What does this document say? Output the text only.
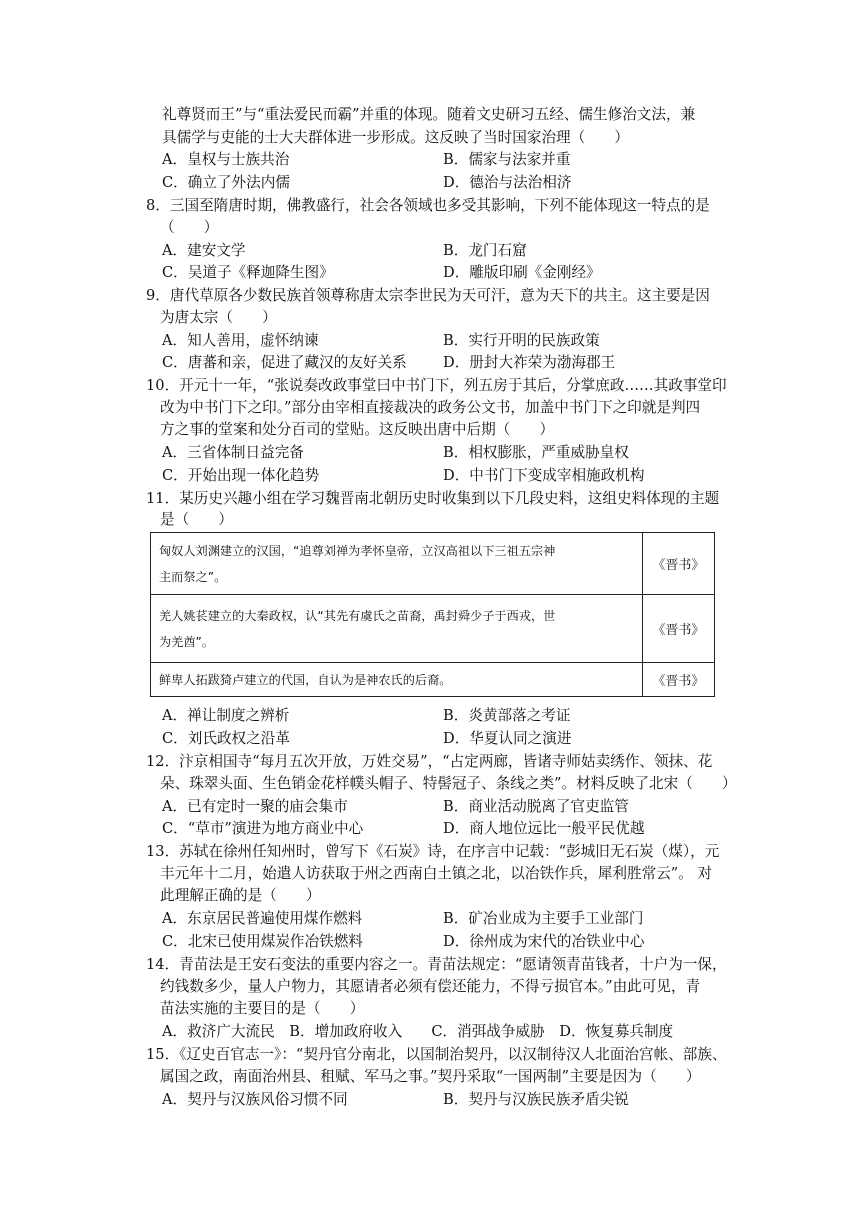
礼尊贤而王”与“重法爱民而霸”并重的体现。随着文史研习五经、儒生修治文法，兼
具儒学与吏能的士大夫群体进一步形成。这反映了当时国家治理（　　）
A．皇权与士族共治	B．儒家与法家并重
C．确立了外法内儒	D．德治与法治相济
8．三国至隋唐时期，佛教盛行，社会各领域也多受其影响，下列不能体现这一特点的是
（　　）
A．建安文学	B．龙门石窟
C．吴道子《释迦降生图》	D．雕版印刷《金刚经》
9．唐代草原各少数民族首领尊称唐太宗李世民为天可汗，意为天下的共主。这主要是因
为唐太宗（　　）
A．知人善用，虚怀纳谏	B．实行开明的民族政策
C．唐蕃和亲，促进了藏汉的友好关系 D．册封大祚荣为渤海郡王
10．开元十一年，“张说奏改政事堂曰中书门下，列五房于其后，分掌庶政……其政事堂印
改为中书门下之印。”部分由宰相直接裁决的政务公文书，加盖中书门下之印就是判四
方之事的堂案和处分百司的堂贴。这反映出唐中后期（　　）
A．三省体制日益完备	B．相权膨胀，严重威胁皇权
C．开始出现一体化趋势	D．中书门下变成宰相施政机构
11．某历史兴趣小组在学习魏晋南北朝历史时收集到以下几段史料，这组史料体现的主题
是（　　）
匈奴人刘渊建立的汉国，“追尊刘禅为孝怀皇帝，立汉高祖以下三祖五宗神
主而祭之”。	《晋书》

羌人姚苌建立的大秦政权，认“其先有虞氏之苗裔，禹封舜少子于西戎，世
为羌酋”。	《晋书》

鲜卑人拓跋猗卢建立的代国，自认为是神农氏的后裔。	《晋书》
A．禅让制度之辨析	B．炎黄部落之考证
C．刘氏政权之沿革	D．华夏认同之演进
12．汴京相国寺“每月五次开放，万姓交易”，“占定两廊，皆诸寺师姑卖绣作、领抹、花
朵、珠翠头面、生色销金花样幞头帽子、特髻冠子、条线之类”。材料反映了北宋（　　）
A．已有定时一聚的庙会集市	B．商业活动脱离了官吏监管
C．“草市”演进为地方商业中心	D．商人地位远比一般平民优越
13．苏轼在徐州任知州时，曾写下《石炭》诗，在序言中记载：“彭城旧无石炭（煤），元
丰元年十二月，始遣人访获取于州之西南白土镇之北，以冶铁作兵，犀利胜常云”。 对
此理解正确的是（　　）
A．东京居民普遍使用煤作燃料	B．矿冶业成为主要手工业部门
C．北宋已使用煤炭作冶铁燃料	D．徐州成为宋代的冶铁业中心
14．青苗法是王安石变法的重要内容之一。青苗法规定：“愿请领青苗钱者，十户为一保，
约钱数多少，量人户物力，其愿请者必须有偿还能力，不得亏损官本。”由此可见，青
苗法实施的主要目的是（　　）
A．救济广大流民　B．增加政府收入　　C．消弭战争威胁　D．恢复募兵制度
15．《辽史百官志一》：“契丹官分南北，以国制治契丹，以汉制待汉人北面治宫帐、部族、
属国之政，南面治州县、租赋、军马之事。”契丹采取“一国两制”主要是因为（　　）
A．契丹与汉族风俗习惯不同	B．契丹与汉族民族矛盾尖锐
